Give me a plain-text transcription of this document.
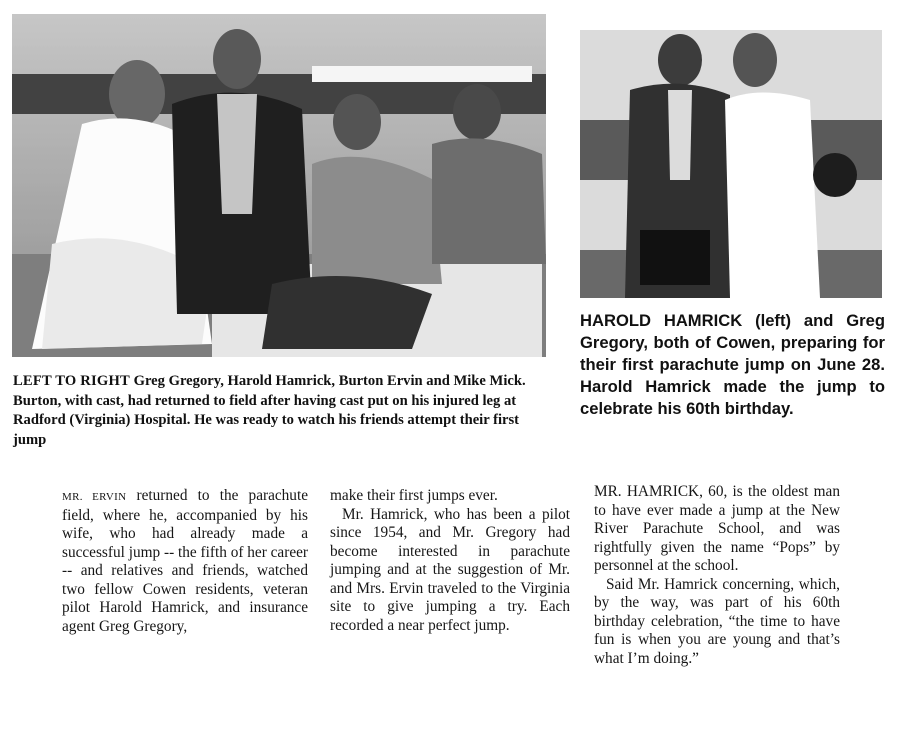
LEFT TO RIGHT Greg Gregory, Harold Hamrick, Burton Ervin and Mike Mick. Burton, with cast, had returned to field after having cast put on his injured leg at Radford (Virginia) Hospital. He was ready to watch his friends attempt their first jump
HAROLD HAMRICK (left) and Greg Gregory, both of Cowen, preparing for their first parachute jump on June 28. Harold Hamrick made the jump to celebrate his 60th birthday.

MR. ERVIN returned to the parachute field, where he, accompanied by his wife, who had already made a successful jump -- the fifth of her career -- and relatives and friends, watched two fellow Cowen residents, veteran pilot Harold Hamrick, and insurance agent Greg Gregory,

make their first jumps ever.

Mr. Hamrick, who has been a pilot since 1954, and Mr. Gregory had become interested in parachute jumping and at the suggestion of Mr. and Mrs. Ervin traveled to the Virginia site to give jumping a try. Each recorded a near perfect jump.

MR. HAMRICK, 60, is the oldest man to have ever made a jump at the New River Parachute School, and was rightfully given the name “Pops” by personnel at the school.

Said Mr. Hamrick concerning, which, by the way, was part of his 60th birthday celebration, “the time to have fun is when you are young and that’s what I’m doing.”
